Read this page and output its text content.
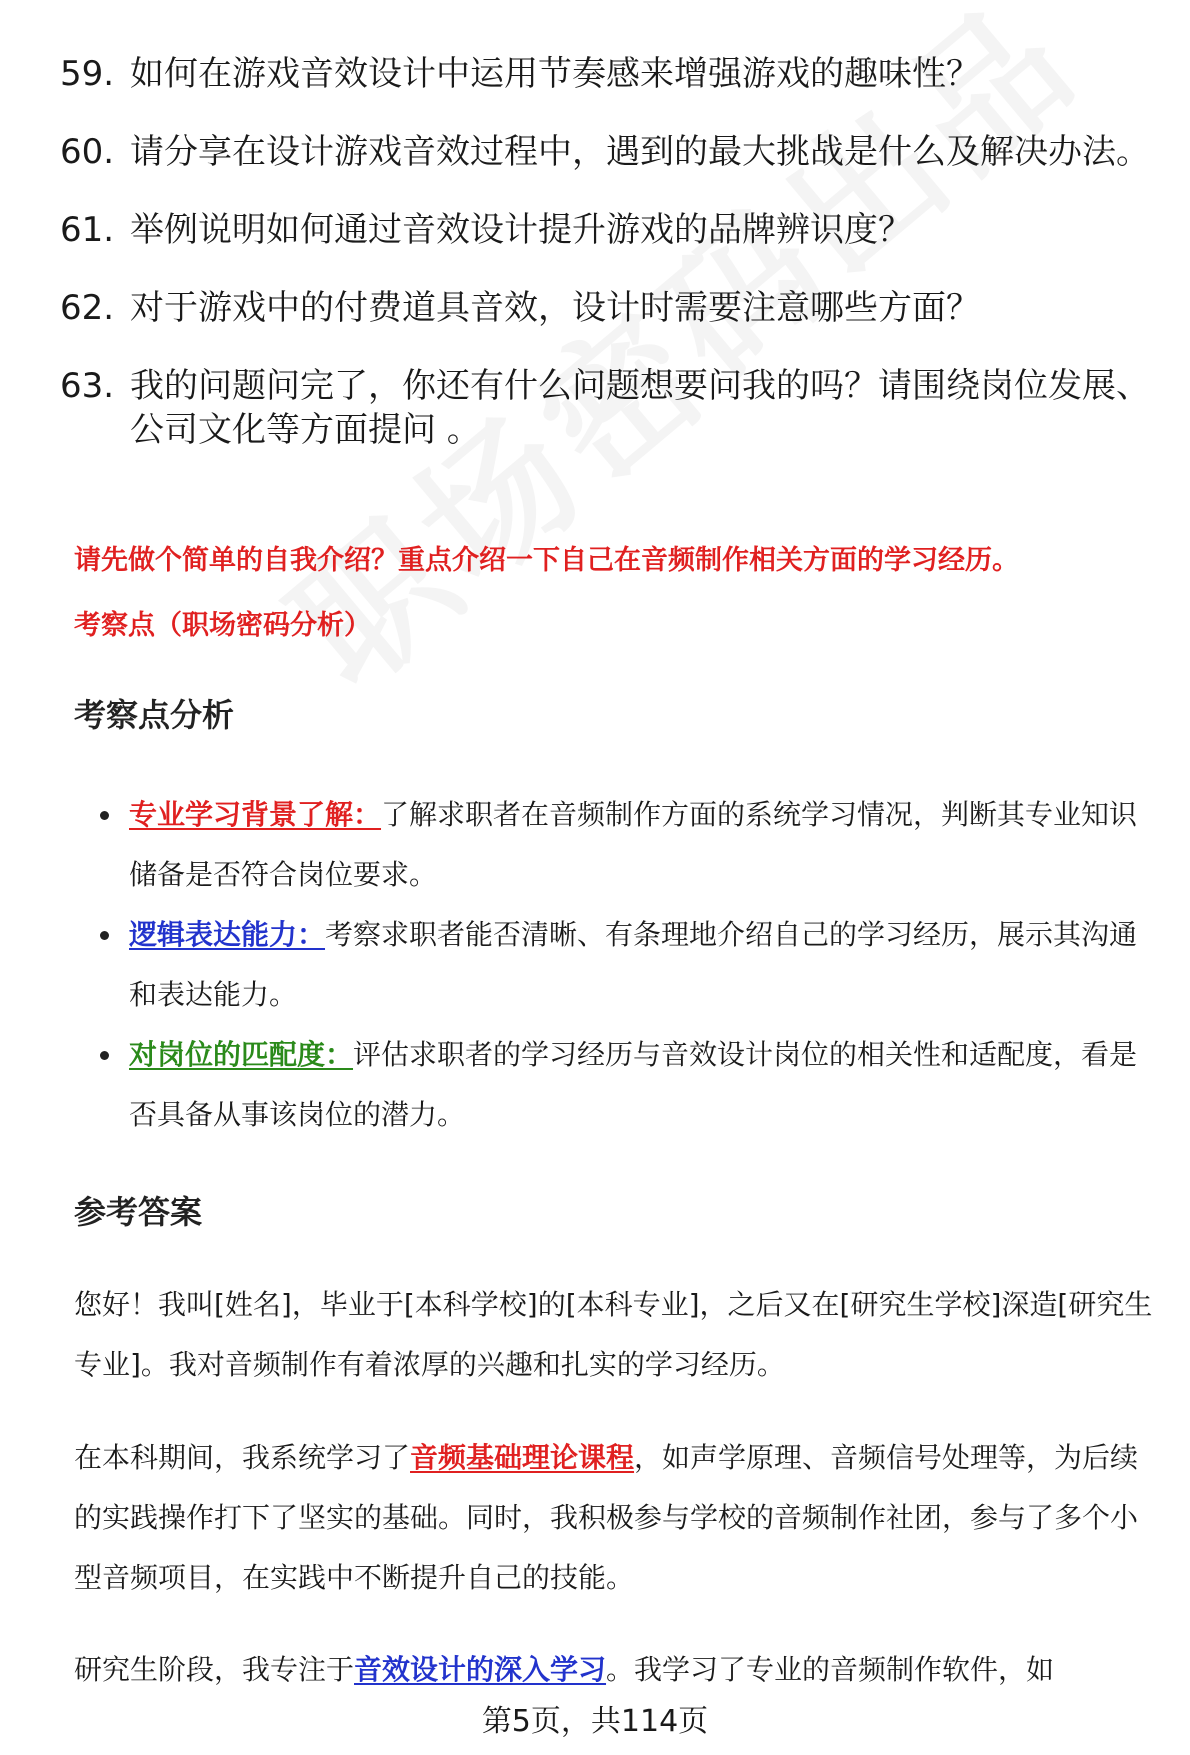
59. 如何在游戏音效设计中运用节奏感来增强游戏的趣味性？
60. 请分享在设计游戏音效过程中，遇到的最大挑战是什么及解决办法。
61. 举例说明如何通过音效设计提升游戏的品牌辨识度？
62. 对于游戏中的付费道具音效，设计时需要注意哪些方面？
63. 我的问题问完了，你还有什么问题想要问我的吗？请围绕岗位发展、公司文化等方面提问 。
请先做个简单的自我介绍？重点介绍一下自己在音频制作相关方面的学习经历。
考察点（职场密码分析）
考察点分析
专业学习背景了解：了解求职者在音频制作方面的系统学习情况，判断其专业知识储备是否符合岗位要求。
逻辑表达能力：考察求职者能否清晰、有条理地介绍自己的学习经历，展示其沟通和表达能力。
对岗位的匹配度：评估求职者的学习经历与音效设计岗位的相关性和适配度，看是否具备从事该岗位的潜力。
参考答案
您好！我叫[姓名]，毕业于[本科学校]的[本科专业]，之后又在[研究生学校]深造[研究生专业]。我对音频制作有着浓厚的兴趣和扎实的学习经历。
在本科期间，我系统学习了音频基础理论课程，如声学原理、音频信号处理等，为后续的实践操作打下了坚实的基础。同时，我积极参与学校的音频制作社团，参与了多个小型音频项目，在实践中不断提升自己的技能。
研究生阶段，我专注于音效设计的深入学习。我学习了专业的音频制作软件，如
第5页，共114页
